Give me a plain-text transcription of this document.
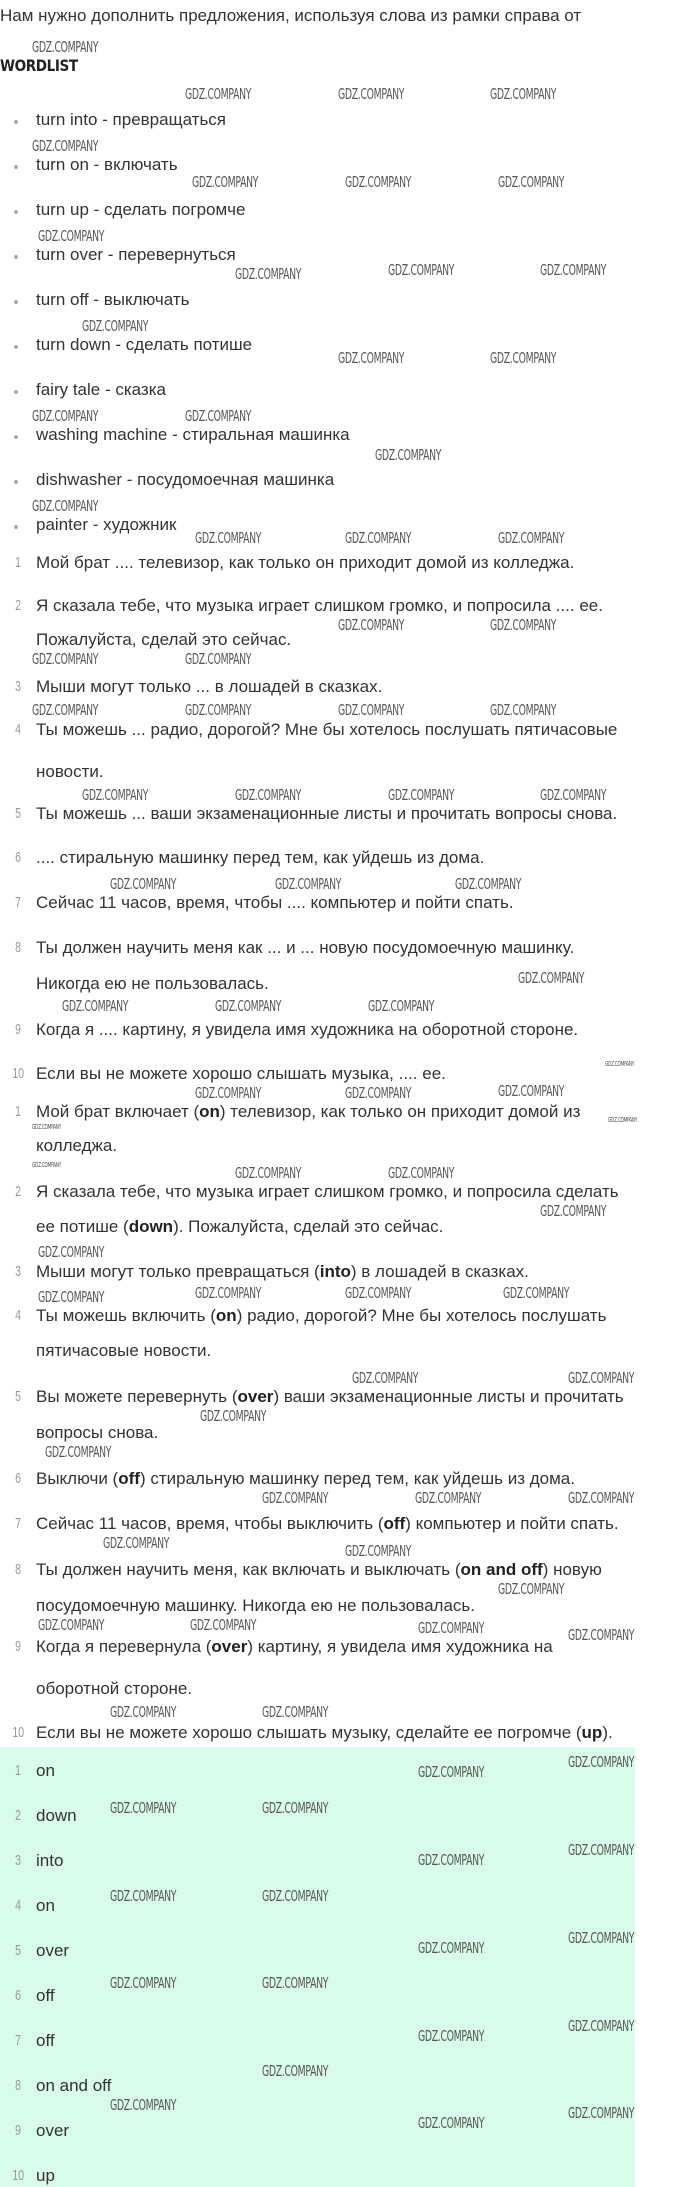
Нам нужно дополнить предложения, используя слова из рамки справа от
WORDLIST
turn into - превращаться
turn on - включать
turn up - сделать погромче
turn over - перевернуться
turn off - выключать
turn down - сделать потише
fairy tale - сказка
washing machine - стиральная машинка
dishwasher - посудомоечная машинка
painter - художник
1 Мой брат .... телевизор, как только он приходит домой из колледжа.
2 Я сказала тебе, что музыка играет слишком громко, и попросила .... ее.
Пожалуйста, сделай это сейчас.
3 Мыши могут только ... в лошадей в сказках.
4 Ты можешь ... радио, дорогой? Мне бы хотелось послушать пятичасовые
новости.
5 Ты можешь ... ваши экзаменационные листы и прочитать вопросы снова.
6 .... стиральную машинку перед тем, как уйдешь из дома.
7 Сейчас 11 часов, время, чтобы .... компьютер и пойти спать.
8 Ты должен научить меня как ... и ... новую посудомоечную машинку.
Никогда ею не пользовалась.
9 Когда я .... картину, я увидела имя художника на оборотной стороне.
10 Если вы не можете хорошо слышать музыка, .... ее.
1 Мой брат включает (on) телевизор, как только он приходит домой из
колледжа.
2 Я сказала тебе, что музыка играет слишком громко, и попросила сделать
ее потише (down). Пожалуйста, сделай это сейчас.
3 Мыши могут только превращаться (into) в лошадей в сказках.
4 Ты можешь включить (on) радио, дорогой? Мне бы хотелось послушать
пятичасовые новости.
5 Вы можете перевернуть (over) ваши экзаменационные листы и прочитать
вопросы снова.
6 Выключи (off) стиральную машинку перед тем, как уйдешь из дома.
7 Сейчас 11 часов, время, чтобы выключить (off) компьютер и пойти спать.
8 Ты должен научить меня, как включать и выключать (on and off) новую
посудомоечную машинку. Никогда ею не пользовалась.
9 Когда я перевернула (over) картину, я увидела имя художника на
оборотной стороне.
10 Если вы не можете хорошо слышать музыку, сделайте ее погромче (up).
1 on
2 down
3 into
4 on
5 over
6 off
7 off
8 on and off
9 over
10 up
GDZ.COMPANY
GDZ.COMPANY	GDZ.COMPANY	GDZ.COMPANY
GDZ.COMPANY
GDZ.COMPANY	GDZ.COMPANY	GDZ.COMPANY
GDZ.COMPANY
GDZ.COMPANY	GDZ.COMPANY	GDZ.COMPANY
GDZ.COMPANY
GDZ.COMPANY	GDZ.COMPANY
GDZ.COMPANY	GDZ.COMPANY
GDZ.COMPANY
GDZ.COMPANY
GDZ.COMPANY	GDZ.COMPANY	GDZ.COMPANY
GDZ.COMPANY	GDZ.COMPANY
GDZ.COMPANY	GDZ.COMPANY
GDZ.COMPANY	GDZ.COMPANY	GDZ.COMPANY	GDZ.COMPANY
GDZ.COMPANY	GDZ.COMPANY	GDZ.COMPANY	GDZ.COMPANY
GDZ.COMPANY	GDZ.COMPANY	GDZ.COMPANY
GDZ.COMPANY
GDZ.COMPANY	GDZ.COMPANY	GDZ.COMPANY
GDZ.COMPANY	GDZ.COMPANY	GDZ.COMPANY
GDZ.COMPANY	GDZ.COMPANY
GDZ.COMPANY
GDZ.COMPANY
GDZ.COMPANY	GDZ.COMPANY	GDZ.COMPANY
GDZ.COMPANY
GDZ.COMPANY	GDZ.COMPANY
GDZ.COMPANY
GDZ.COMPANY
GDZ.COMPANY	GDZ.COMPANY
GDZ.COMPANY
GDZ.COMPANY	GDZ.COMPANY
GDZ.COMPANY
GDZ.COMPANY	GDZ.COMPANY	GDZ.COMPANY	GDZ.COMPANY
GDZ.COMPANY	GDZ.COMPANY
GDZ.COMPANY
GDZ.COMPANY
GDZ.COMPANY	GDZ.COMPANY
GDZ.COMPANY
GDZ.COMPANY
GDZ.COMPANY	GDZ.COMPANY
GDZ.COMPANY
GDZ.COMPANY
GDZ.COMPANY	GDZ.COMPANY
GDZ.COMPANY
GDZ.COMPANY
GDZ.COMPANY
GDZ.COMPANY
GDZ.COMPANY
GDZ.COMPANY
GDZ.COMPANY
GDZ.COMPANY
GDZ.COMPANY
GDZ.COMPANY
